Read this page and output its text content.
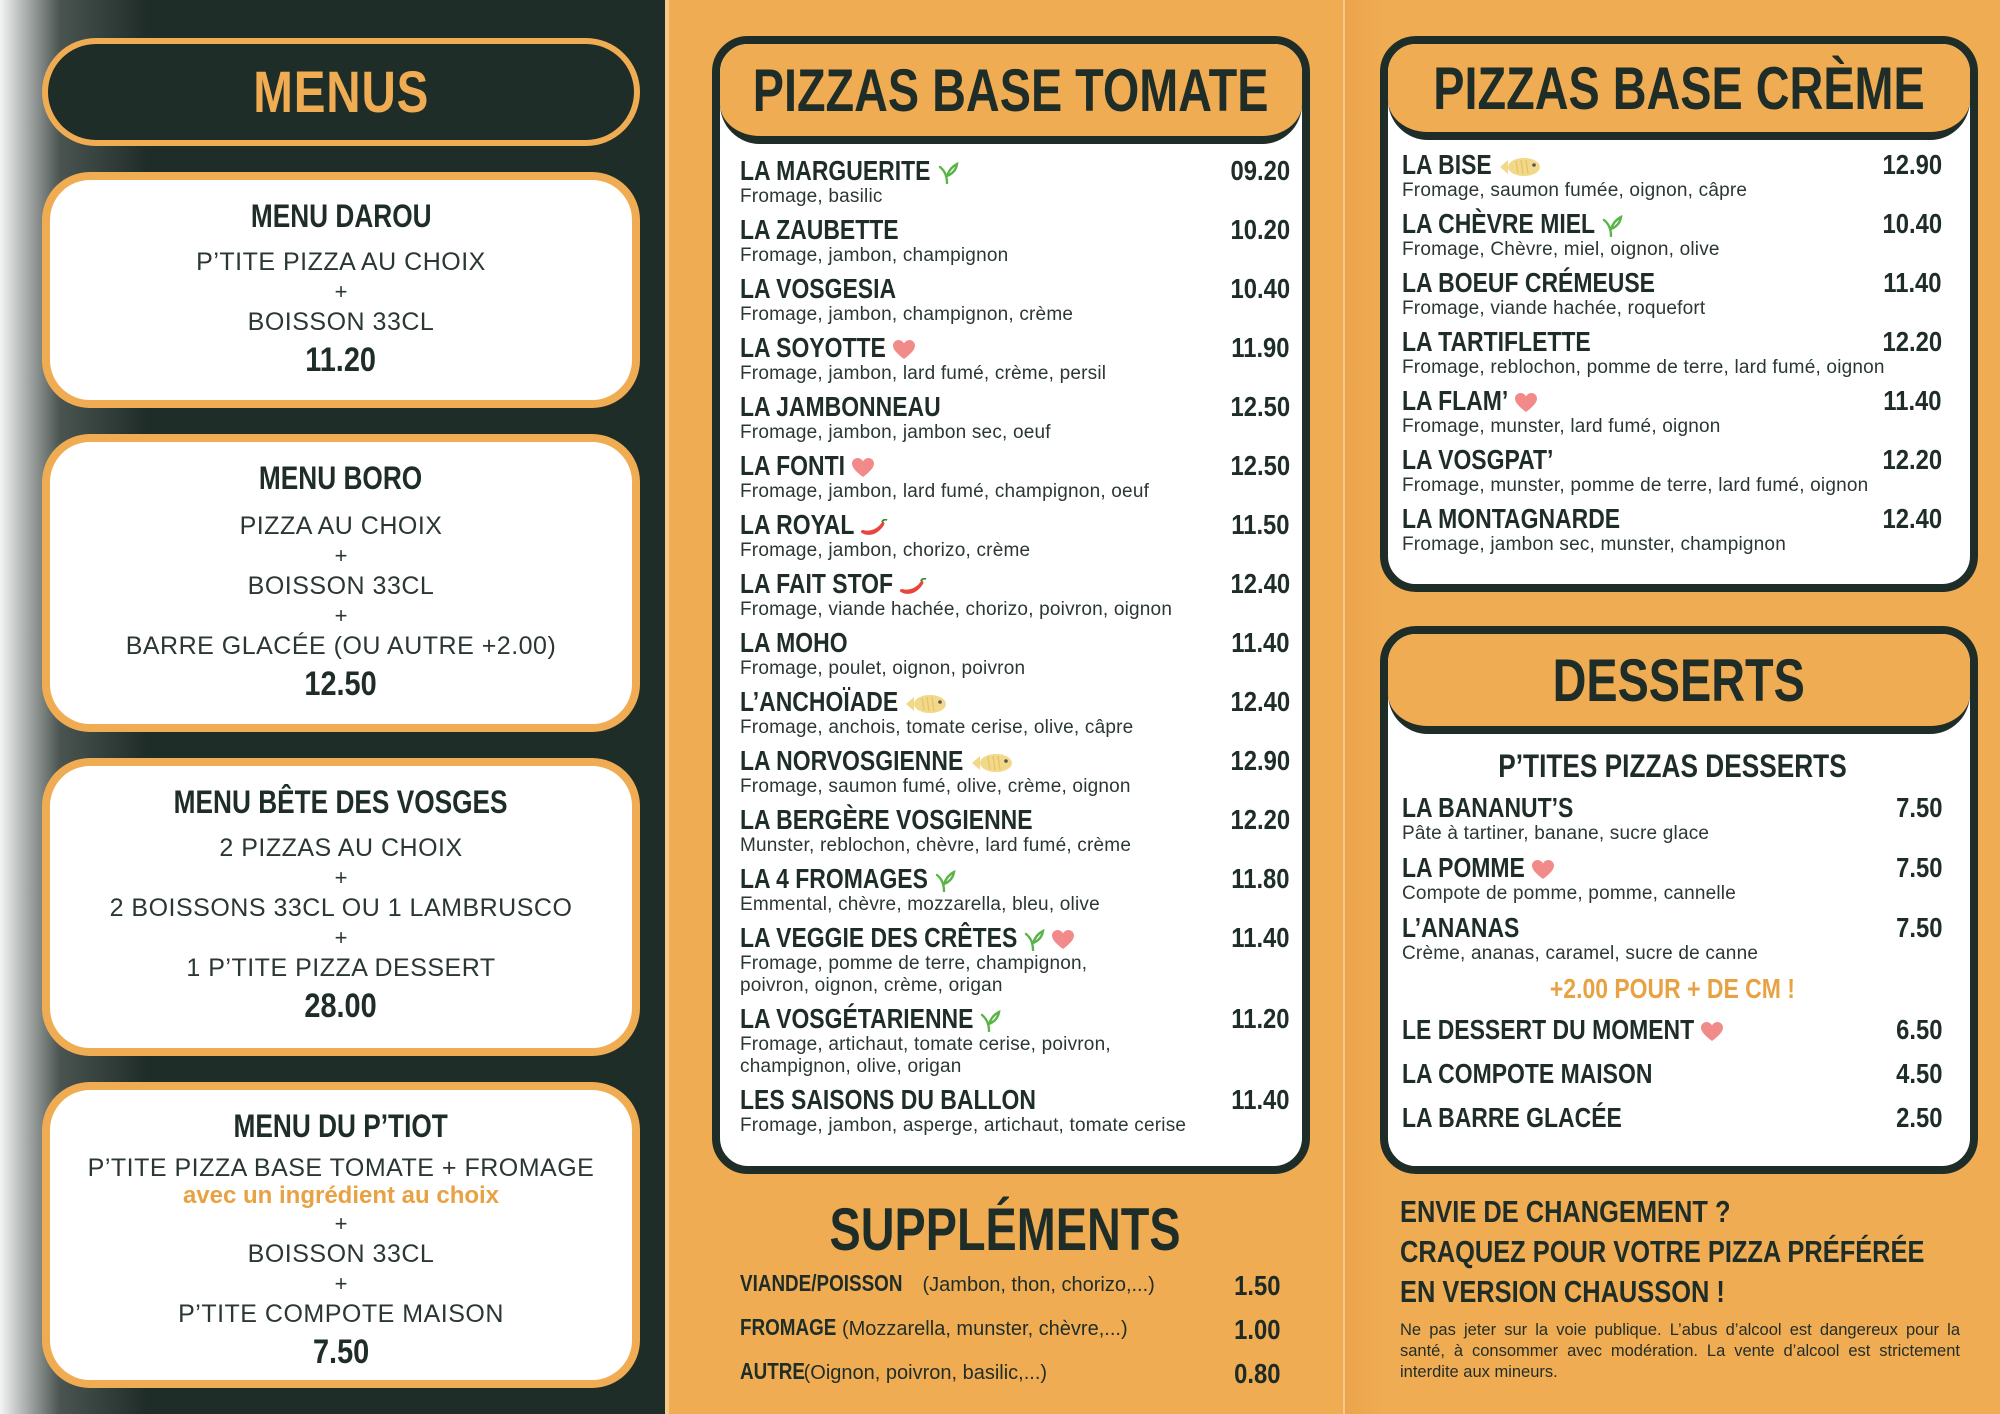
MENUS
MENU DAROU
P’TITE PIZZA AU CHOIX
+
BOISSON 33CL
11.20
MENU BORO
PIZZA AU CHOIX
+
BOISSON 33CL
+
BARRE GLACÉE (OU AUTRE +2.00)
12.50
MENU BÊTE DES VOSGES
2 PIZZAS AU CHOIX
+
2 BOISSONS 33CL OU 1 LAMBRUSCO
+
1 P’TITE PIZZA DESSERT
28.00
MENU DU P’TIOT
P’TITE PIZZA BASE TOMATE + FROMAGE
avec un ingrédient au choix
+
BOISSON 33CL
+
P’TITE COMPOTE MAISON
7.50
PIZZAS BASE TOMATE
LA MARGUERITE	09.20
Fromage, basilic
LA ZAUBETTE	10.20
Fromage, jambon, champignon
LA VOSGESIA	10.40
Fromage, jambon, champignon, crème
LA SOYOTTE	11.90
Fromage, jambon, lard fumé, crème, persil
LA JAMBONNEAU	12.50
Fromage, jambon, jambon sec, oeuf
LA FONTI	12.50
Fromage, jambon, lard fumé, champignon, oeuf
LA ROYAL	11.50
Fromage, jambon, chorizo, crème
LA FAIT STOF	12.40
Fromage, viande hachée, chorizo, poivron, oignon
LA MOHO	11.40
Fromage, poulet, oignon, poivron
L’ANCHOÏADE	12.40
Fromage, anchois, tomate cerise, olive, câpre
LA NORVOSGIENNE	12.90
Fromage, saumon fumé, olive, crème, oignon
LA BERGÈRE VOSGIENNE	12.20
Munster, reblochon, chèvre, lard fumé, crème
LA 4 FROMAGES	11.80
Emmental, chèvre, mozzarella, bleu, olive
LA VEGGIE DES CRÊTES	11.40
Fromage, pomme de terre, champignon,
poivron, oignon, crème, origan
LA VOSGÉTARIENNE	11.20
Fromage, artichaut, tomate cerise, poivron,
champignon, olive, origan
LES SAISONS DU BALLON	11.40
Fromage, jambon, asperge, artichaut, tomate cerise
SUPPLÉMENTS
VIANDE/POISSON (Jambon, thon, chorizo,...)	1.50
FROMAGE (Mozzarella, munster, chèvre,...)	1.00
AUTRE (Oignon, poivron, basilic,...)	0.80
PIZZAS BASE CRÈME
LA BISE	12.90
Fromage, saumon fumée, oignon, câpre
LA CHÈVRE MIEL	10.40
Fromage, Chèvre, miel, oignon, olive
LA BOEUF CRÉMEUSE	11.40
Fromage, viande hachée, roquefort
LA TARTIFLETTE	12.20
Fromage, reblochon, pomme de terre, lard fumé, oignon
LA FLAM’	11.40
Fromage, munster, lard fumé, oignon
LA VOSGPAT’	12.20
Fromage, munster, pomme de terre, lard fumé, oignon
LA MONTAGNARDE	12.40
Fromage, jambon sec, munster, champignon
DESSERTS
P’TITES PIZZAS DESSERTS
LA BANANUT’S	7.50
Pâte à tartiner, banane, sucre glace
LA POMME	7.50
Compote de pomme, pomme, cannelle
L’ANANAS	7.50
Crème, ananas, caramel, sucre de canne
+2.00 POUR + DE CM !
LE DESSERT DU MOMENT	6.50
LA COMPOTE MAISON	4.50
LA BARRE GLACÉE	2.50
ENVIE DE CHANGEMENT ?
CRAQUEZ POUR VOTRE PIZZA PRÉFÉRÉE
EN VERSION CHAUSSON !
Ne pas jeter sur la voie publique. L’abus d’alcool est dangereux pour la santé, à consommer avec modération. La vente d’alcool est strictement interdite aux mineurs.
